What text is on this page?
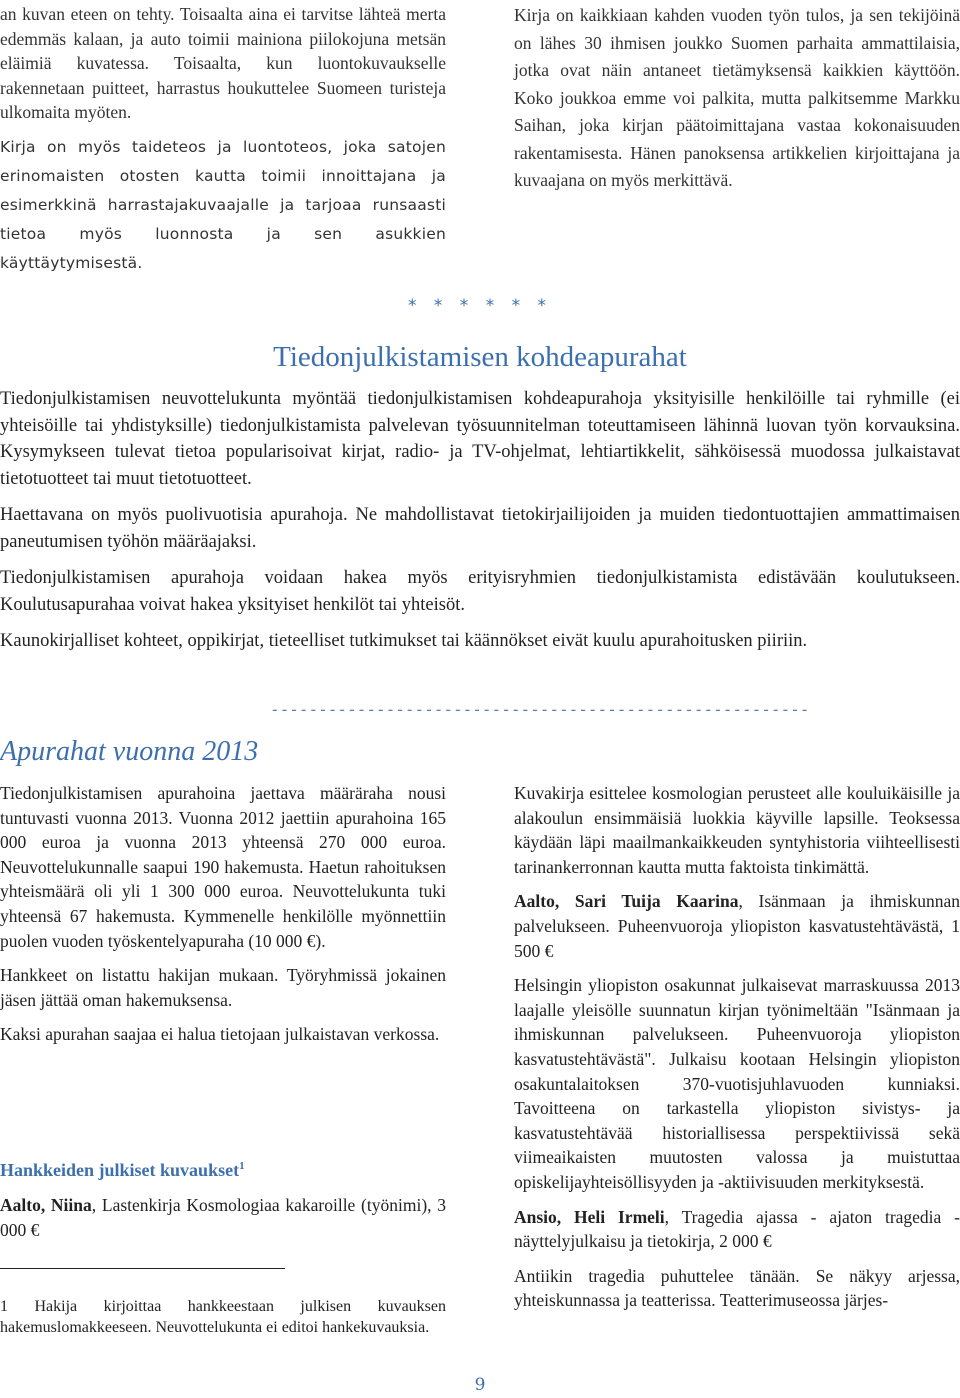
an kuvan eteen on tehty. Toisaalta aina ei tarvitse lähteä merta edemmäs kalaan, ja auto toimii mainiona piilokojuna metsän eläimiä kuvatessa. Toisaalta, kun luontokuvaukselle rakennetaan puitteet, harrastus houkuttelee Suomeen turisteja ulkomaita myöten.

Kirja on myös taideteos ja luontoteos, joka satojen erinomaisten otosten kautta toimii innoittajana ja esimerkkinä harrastajakuvaajalle ja tarjoaa runsaasti tietoa myös luonnosta ja sen asukkien käyttäytymisestä.

Kirja on kaikkiaan kahden vuoden työn tulos, ja sen tekijöinä on lähes 30 ihmisen joukko Suomen parhaita ammattilaisia, jotka ovat näin antaneet tietämyksensä kaikkien käyttöön. Koko joukkoa emme voi palkita, mutta palkitsemme Markku Saihan, joka kirjan päätoimittajana vastaa kokonaisuuden rakentamisesta. Hänen panoksensa artikkelien kirjoittajana ja kuvaajana on myös merkittävä.

* * * * * *
Tiedonjulkistamisen kohdeapurahat

Tiedonjulkistamisen neuvottelukunta myöntää tiedonjulkistamisen kohdeapurahoja yksityisille henkilöille tai ryhmille (ei yhteisöille tai yhdistyksille) tiedonjulkistamista palvelevan työsuunnitelman toteuttamiseen lähinnä luovan työn korvauksina. Kysymykseen tulevat tietoa popularisoivat kirjat, radio- ja TV-ohjelmat, lehtiartikkelit, sähköisessä muodossa julkaistavat tietotuotteet tai muut tietotuotteet.

Haettavana on myös puolivuotisia apurahoja. Ne mahdollistavat tietokirjailijoiden ja muiden tiedontuottajien ammattimaisen paneutumisen työhön määräajaksi.

Tiedonjulkistamisen apurahoja voidaan hakea myös erityisryhmien tiedonjulkistamista edistävään koulutukseen. Koulutusapurahaa voivat hakea yksityiset henkilöt tai yhteisöt.

Kaunokirjalliset kohteet, oppikirjat, tieteelliset tutkimukset tai käännökset eivät kuulu apurahoitusken piiriin.

--------------------------------------------------------
Apurahat vuonna 2013

Tiedonjulkistamisen apurahoina jaettava määräraha nousi tuntuvasti vuonna 2013. Vuonna 2012 jaettiin apurahoina 165 000 euroa ja vuonna 2013 yhteensä 270 000 euroa. Neuvottelukunnalle saapui 190 hakemusta. Haetun rahoituksen yhteismäärä oli yli 1 300 000 euroa. Neuvottelukunta tuki yhteensä 67 hakemusta. Kymmenelle henkilölle myönnettiin puolen vuoden työskentelyapuraha (10 000 €).

Hankkeet on listattu hakijan mukaan. Työryhmissä jokainen jäsen jättää oman hakemuksensa.

Kaksi apurahan saajaa ei halua tietojaan julkaistavan verkossa.

Hankkeiden julkiset kuvaukset$^1$

Aalto, Niina, Lastenkirja Kosmologiaa kakaroille (työnimi), 3 000 €

1 Hakija kirjoittaa hankkeestaan julkisen kuvauksen hakemuslomakkeeseen. Neuvottelukunta ei editoi hankekuvauksia.

Kuvakirja esittelee kosmologian perusteet alle kouluikäisille ja alakoulun ensimmäisiä luokkia käyville lapsille. Teoksessa käydään läpi maailmankaikkeuden syntyhistoria viihteellisesti tarinankerronnan kautta mutta faktoista tinkimättä.

Aalto, Sari Tuija Kaarina, Isänmaan ja ihmiskunnan palvelukseen. Puheenvuoroja yliopiston kasvatustehtävästä, 1 500 €

Helsingin yliopiston osakunnat julkaisevat marraskuussa 2013 laajalle yleisölle suunnatun kirjan työnimeltään "Isänmaan ja ihmiskunnan palvelukseen. Puheenvuoroja yliopiston kasvatustehtävästä". Julkaisu kootaan Helsingin yliopiston osakuntalaitoksen 370-vuotisjuhlavuoden kunniaksi. Tavoitteena on tarkastella yliopiston sivistys- ja kasvatustehtävää historiallisessa perspektiivissä sekä viimeaikaisten muutosten valossa ja muistuttaa opiskelijayhteisöllisyyden ja -aktiivisuuden merkityksestä.

Ansio, Heli Irmeli, Tragedia ajassa - ajaton tragedia -näyttelyjulkaisu ja tietokirja, 2 000 €

Antiikin tragedia puhuttelee tänään. Se näkyy arjessa, yhteiskunnassa ja teatterissa. Teatterimuseossa järjes-

9
